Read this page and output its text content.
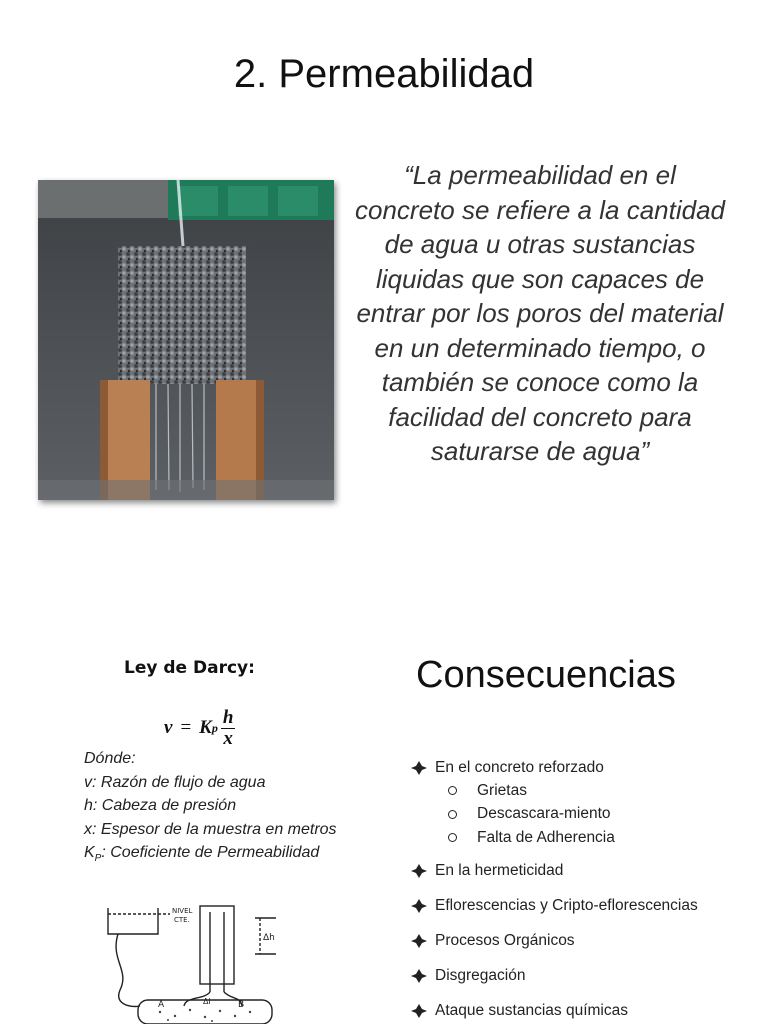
2. Permeabilidad

“La permeabilidad en el concreto se refiere a la cantidad de agua u otras sustancias liquidas que son capaces de entrar por los poros del material en un determinado tiempo, o también se conoce como la facilidad del concreto para saturarse de agua”

Ley de Darcy:
v = K p $\frac{h}{x}$
Dónde:
v: Razón de flujo de agua
h: Cabeza de presión
x: Espesor de la muestra en metros
$K_P$: Coeficiente de Permeabilidad
NIVEL
CTE.
Δh
A	Δl	B
Consecuencias
En el concreto reforzado
Grietas
Descascara-miento
Falta de Adherencia
En la hermeticidad
Eflorescencias y Cripto-eflorescencias
Procesos Orgánicos
Disgregación
Ataque sustancias químicas
